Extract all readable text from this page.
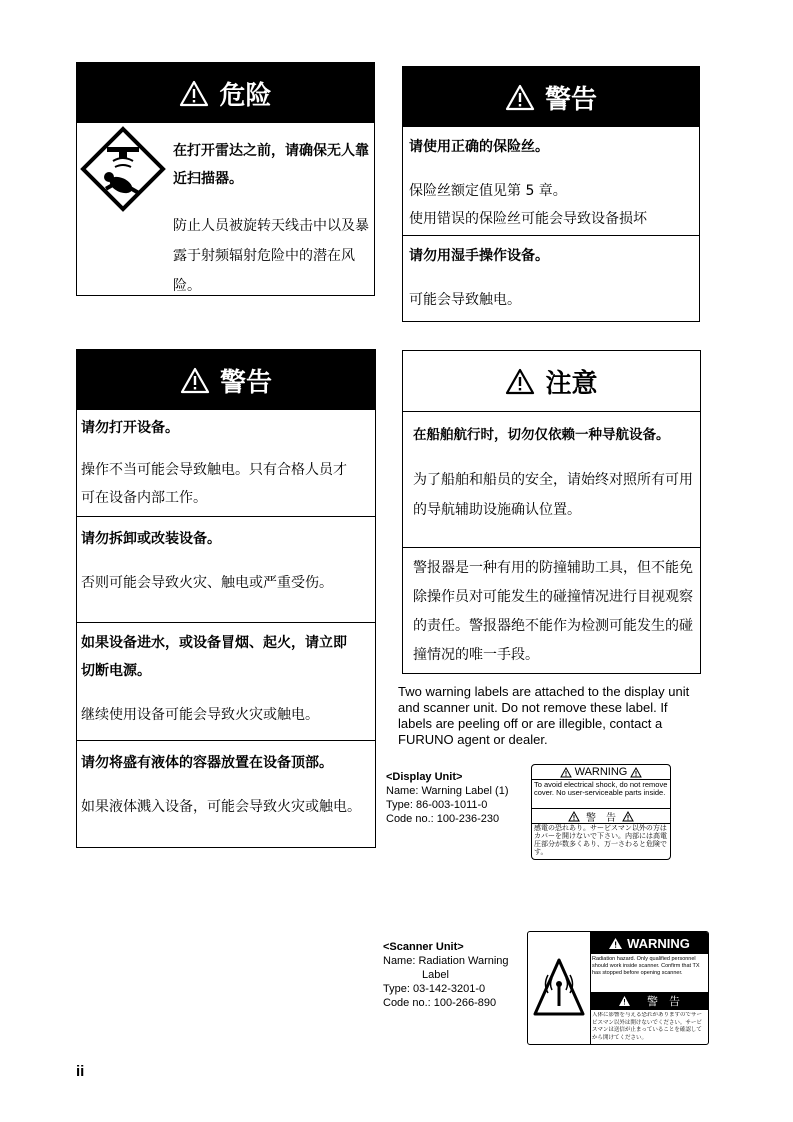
危险
在打开雷达之前，请确保无人靠近扫描器。
防止人员被旋转天线击中以及暴露于射频辐射危险中的潜在风险。
警告
请使用正确的保险丝。
保险丝额定值见第 5 章。
使用错误的保险丝可能会导致设备损坏
请勿用湿手操作设备。
可能会导致触电。
警告
请勿打开设备。
操作不当可能会导致触电。只有合格人员才可在设备内部工作。
请勿拆卸或改装设备。
否则可能会导致火灾、触电或严重受伤。
如果设备进水，或设备冒烟、起火，请立即切断电源。
继续使用设备可能会导致火灾或触电。
请勿将盛有液体的容器放置在设备顶部。
如果液体溅入设备，可能会导致火灾或触电。
注意
在船舶航行时，切勿仅依赖一种导航设备。
为了船舶和船员的安全，请始终对照所有可用的导航辅助设施确认位置。
警报器是一种有用的防撞辅助工具，但不能免除操作员对可能发生的碰撞情况进行目视观察的责任。警报器绝不能作为检测可能发生的碰撞情况的唯一手段。
Two warning labels are attached to the display unit and scanner unit. Do not remove these label. If labels are peeling off or are illegible, contact a FURUNO agent or dealer.
<Display Unit>
Name: Warning Label (1)
Type: 86-003-1011-0
Code no.: 100-236-230
WARNING
To avoid electrical shock, do not remove cover. No user-serviceable parts inside.
警　告
感電の恐れあり。サービスマン以外の方はカバーを開けないで下さい。内部には高電圧部分が数多くあり、万一さわると危険です。
<Scanner Unit>
Name: Radiation Warning
Label
Type: 03-142-3201-0
Code no.: 100-266-890
WARNING
Radiation hazard. Only qualified personnel should work inside scanner. Confirm that TX has stopped before opening scanner.
警　告
人体に影響を与える恐れがありますのでサービスマン以外は開けないでください。サービスマンは送信が止まっていることを確認してから開けてください。
ii
